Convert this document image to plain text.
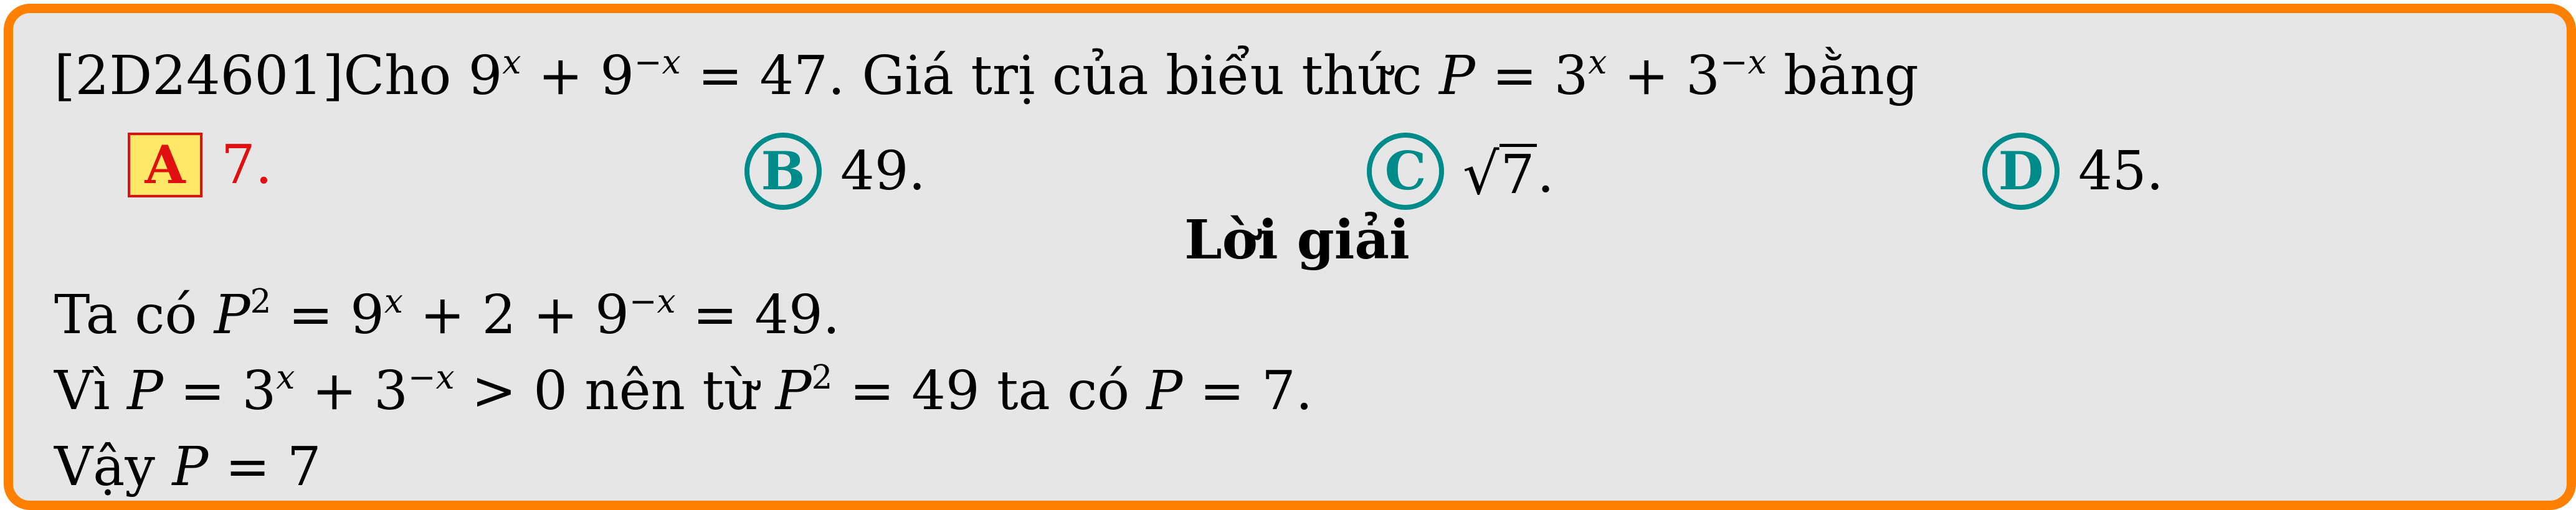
[2D24601]Cho $9^x + 9^{-x} = 47$. Giá trị của biểu thức $P = 3^x + 3^{-x}$ bằng
A 7.	B 49.	C √ 7 .	D 45.
Lời giải
Ta có $P^2 = 9^x + 2 + 9^{-x} = 49$.
Vì $P = 3^x + 3^{-x} > 0$ nên từ $P^2 = 49$ ta có P = 7.
Vậy P = 7
